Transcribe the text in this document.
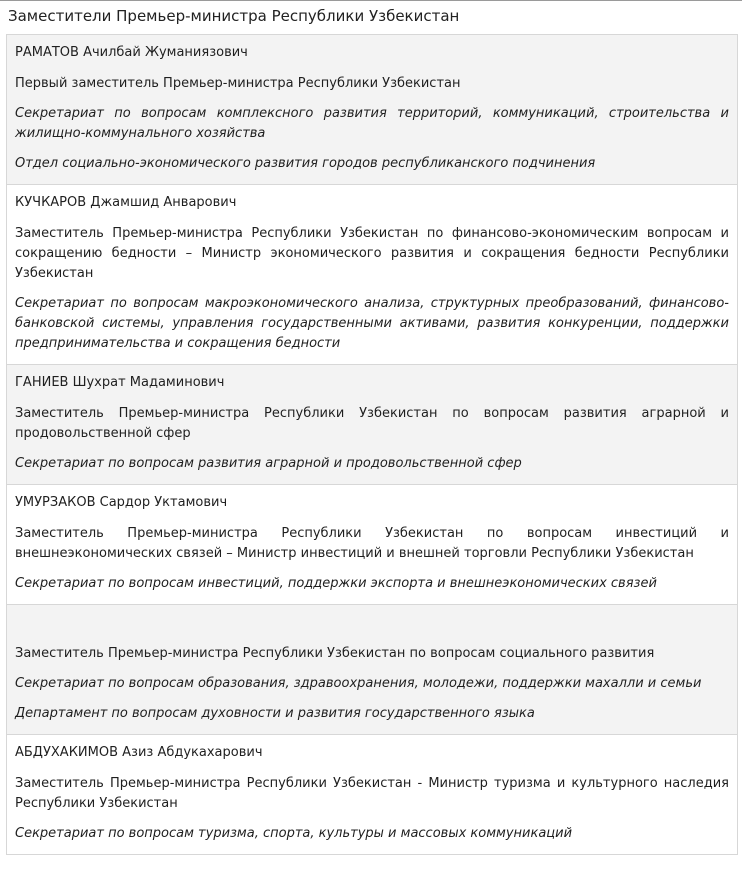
Заместители Премьер-министра Республики Узбекистан
РАМАТОВ Ачилбай Жуманиязович
Первый заместитель Премьер-министра Республики Узбекистан
Секретариат по вопросам комплексного развития территорий, коммуникаций, строительства и жилищно-коммунального хозяйства
Отдел социально-экономического развития городов республиканского подчинения
КУЧКАРОВ Джамшид Анварович
Заместитель Премьер-министра Республики Узбекистан по финансово-экономическим вопросам и сокращению бедности – Министр экономического развития и сокращения бедности Республики Узбекистан
Секретариат по вопросам макроэкономического анализа, структурных преобразований, финансово-банковской системы, управления государственными активами, развития конкуренции, поддержки предпринимательства и сокращения бедности
ГАНИЕВ Шухрат Мадаминович
Заместитель Премьер-министра Республики Узбекистан по вопросам развития аграрной и продовольственной сфер
Секретариат по вопросам развития аграрной и продовольственной сфер
УМУРЗАКОВ Сардор Уктамович
Заместитель Премьер-министра Республики Узбекистан по вопросам инвестиций и внешнеэкономических связей – Министр инвестиций и внешней торговли Республики Узбекистан
Секретариат по вопросам инвестиций, поддержки экспорта и внешнеэкономических связей
Заместитель Премьер-министра Республики Узбекистан по вопросам социального развития
Секретариат по вопросам образования, здравоохранения, молодежи, поддержки махалли и семьи
Департамент по вопросам духовности и развития государственного языка
АБДУХАКИМОВ Азиз Абдукахарович
Заместитель Премьер-министра Республики Узбекистан - Министр туризма и культурного наследия Республики Узбекистан
Секретариат по вопросам туризма, спорта, культуры и массовых коммуникаций
